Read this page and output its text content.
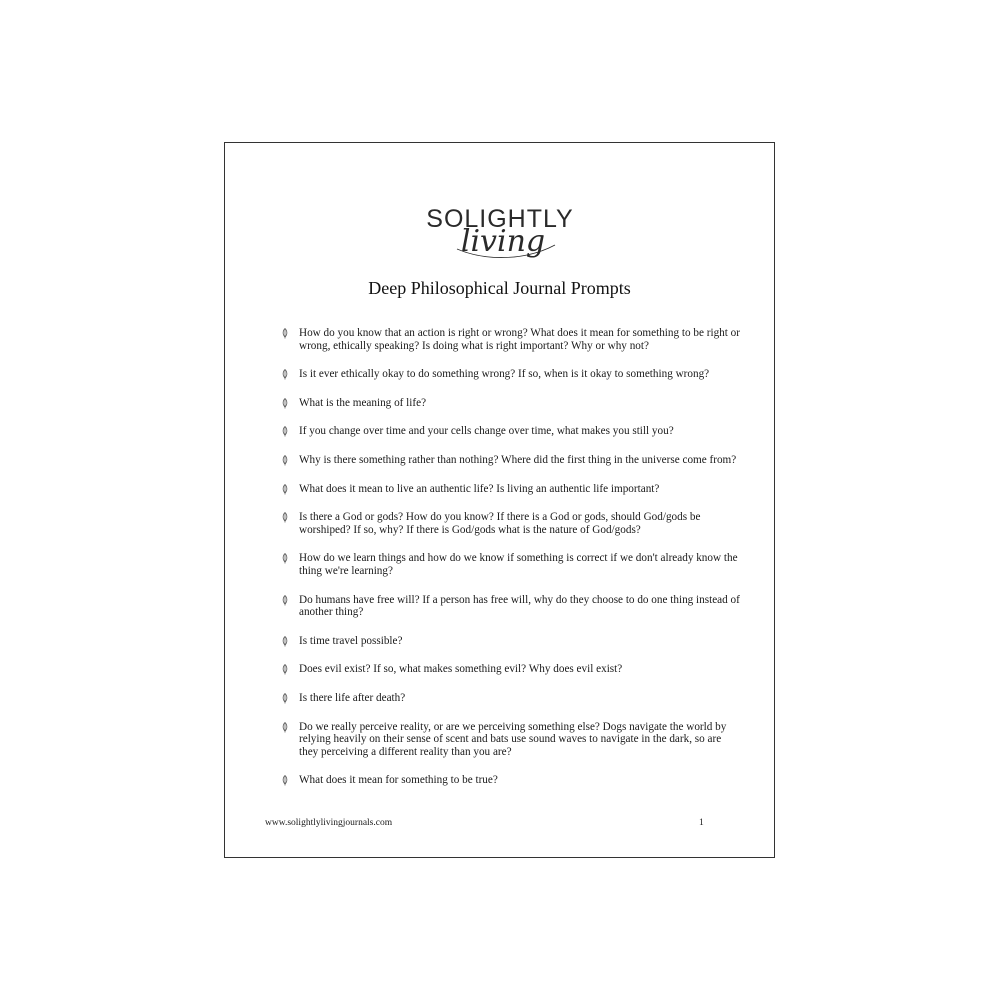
SOLIGHTLY
living
Deep Philosophical Journal Prompts
How do you know that an action is right or wrong? What does it mean for something to be right or wrong, ethically speaking? Is doing what is right important? Why or why not?
Is it ever ethically okay to do something wrong? If so, when is it okay to something wrong?
What is the meaning of life?
If you change over time and your cells change over time, what makes you still you?
Why is there something rather than nothing? Where did the first thing in the universe come from?
What does it mean to live an authentic life? Is living an authentic life important?
Is there a God or gods? How do you know? If there is a God or gods, should God/gods be worshiped? If so, why? If there is God/gods what is the nature of God/gods?
How do we learn things and how do we know if something is correct if we don't already know the thing we're learning?
Do humans have free will? If a person has free will, why do they choose to do one thing instead of another thing?
Is time travel possible?
Does evil exist? If so, what makes something evil? Why does evil exist?
Is there life after death?
Do we really perceive reality, or are we perceiving something else? Dogs navigate the world by relying heavily on their sense of scent and bats use sound waves to navigate in the dark, so are they perceiving a different reality than you are?
What does it mean for something to be true?
www.solightlylivingjournals.com	1
